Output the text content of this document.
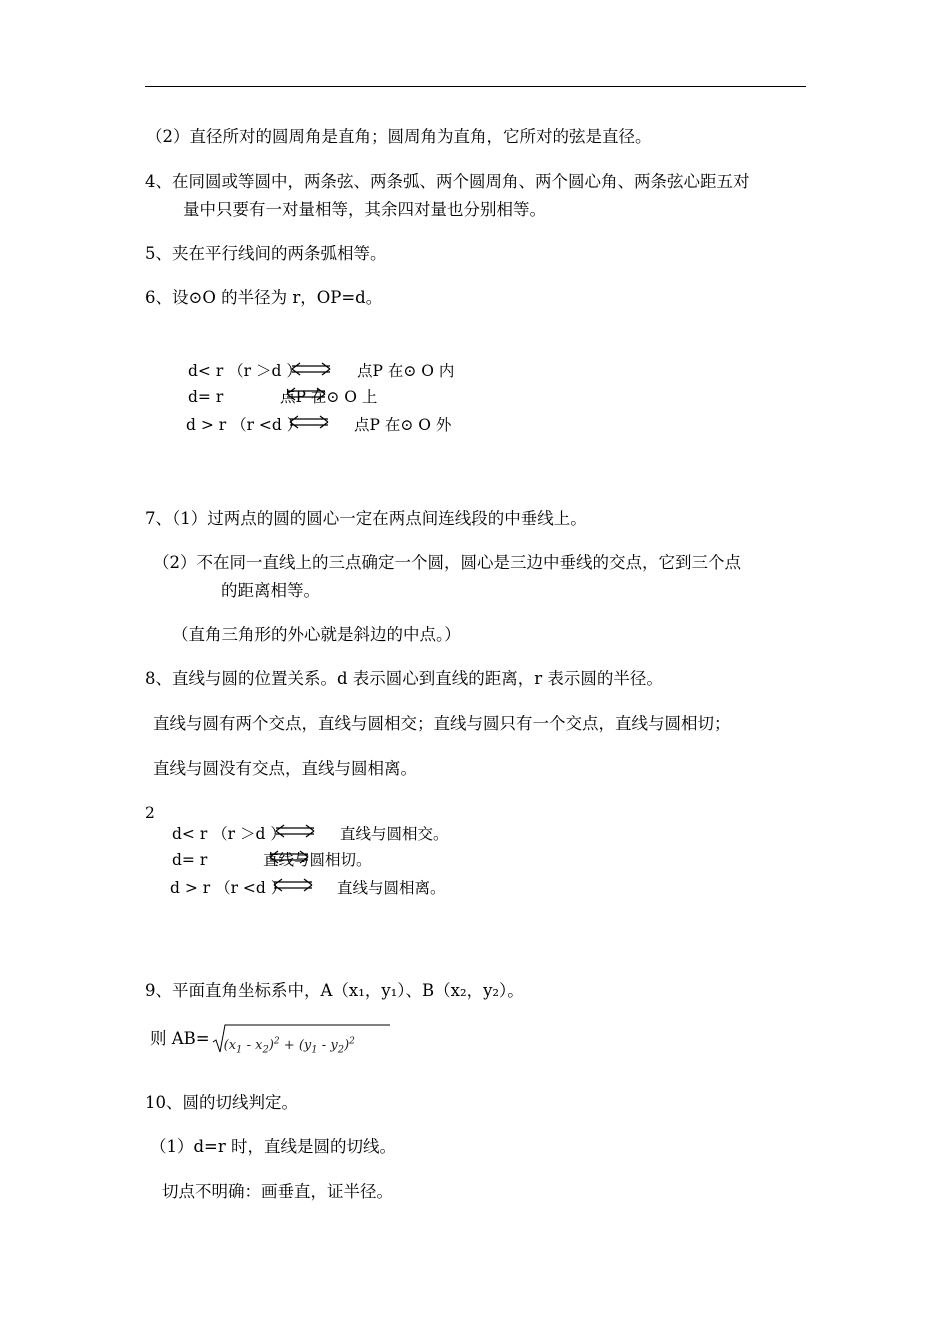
（2）直径所对的圆周角是直角；圆周角为直角，它所对的弦是直径。
4、在同圆或等圆中，两条弦、两条弧、两个圆周角、两个圆心角、两条弦心距五对
量中只要有一对量相等，其余四对量也分别相等。
5、夹在平行线间的两条弧相等。
6、设⊙O 的半径为 r，OP=d。
d< r （r ＞d ）	点P 在⊙ O 内
d= r	点P 在⊙ O 上
d > r （r <d ）	点P 在⊙ O 外
7、（1）过两点的圆的圆心一定在两点间连线段的中垂线上。
（2）不在同一直线上的三点确定一个圆，圆心是三边中垂线的交点，它到三个点
的距离相等。
（直角三角形的外心就是斜边的中点。）
8、直线与圆的位置关系。d 表示圆心到直线的距离，r 表示圆的半径。
直线与圆有两个交点，直线与圆相交；直线与圆只有一个交点，直线与圆相切；
直线与圆没有交点，直线与圆相离。
2
d< r （r ＞d ）	直线与圆相交。
d= r	直线与圆相切。
d > r （r <d ）	直线与圆相离。
9、平面直角坐标系中，A（x₁，y₁）、B（x₂，y₂）。
则 AB=	$_{(x_1 - x_2)^2 + (y_1 - y_2)^2}$
10、圆的切线判定。
（1）d=r 时，直线是圆的切线。
切点不明确：画垂直，证半径。
